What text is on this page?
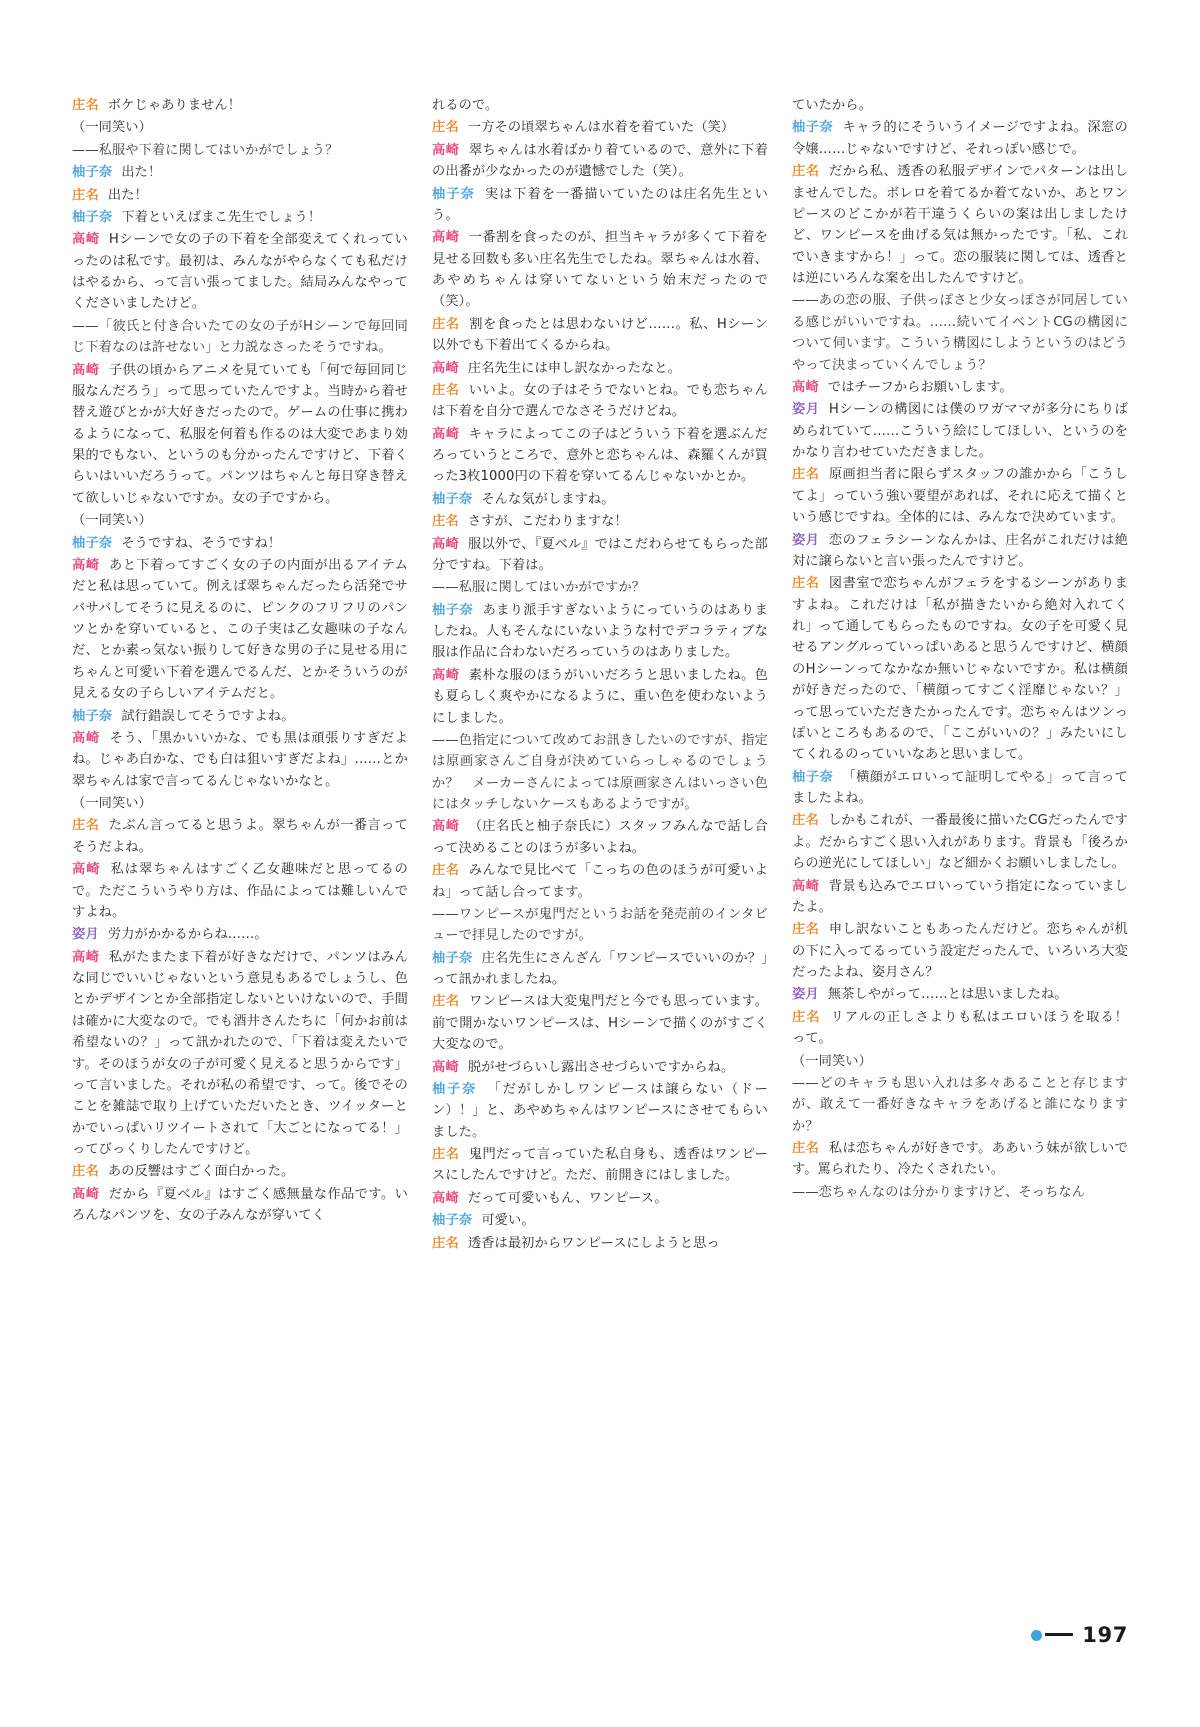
庄名 ボケじゃありません！

（一同笑い）

——私服や下着に関してはいかがでしょう？

柚子奈 出た！

庄名 出た！

柚子奈 下着といえばまこ先生でしょう！

高崎 Hシーンで女の子の下着を全部変えてくれっていったのは私です。最初は、みんながやらなくても私だけはやるから、って言い張ってました。結局みんなやってくださいましたけど。

——「彼氏と付き合いたての女の子がHシーンで毎回同じ下着なのは許せない」と力説なさったそうですね。

高崎 子供の頃からアニメを見ていても「何で毎回同じ服なんだろう」って思っていたんですよ。当時から着せ替え遊びとかが大好きだったので。ゲームの仕事に携わるようになって、私服を何着も作るのは大変であまり効果的でもない、というのも分かったんですけど、下着くらいはいいだろうって。パンツはちゃんと毎日穿き替えて欲しいじゃないですか。女の子ですから。

（一同笑い）

柚子奈 そうですね、そうですね！

高崎 あと下着ってすごく女の子の内面が出るアイテムだと私は思っていて。例えば翠ちゃんだったら活発でサバサバしてそうに見えるのに、ピンクのフリフリのパンツとかを穿いていると、この子実は乙女趣味の子なんだ、とか素っ気ない振りして好きな男の子に見せる用にちゃんと可愛い下着を選んでるんだ、とかそういうのが見える女の子らしいアイテムだと。

柚子奈 試行錯誤してそうですよね。

高崎 そう、「黒かいいかな、でも黒は頑張りすぎだよね。じゃあ白かな、でも白は狙いすぎだよね」……とか翠ちゃんは家で言ってるんじゃないかなと。

（一同笑い）

庄名 たぶん言ってると思うよ。翠ちゃんが一番言ってそうだよね。

高崎 私は翠ちゃんはすごく乙女趣味だと思ってるので。ただこういうやり方は、作品によっては難しいんですよね。

姿月 労力がかかるからね……。

高崎 私がたまたま下着が好きなだけで、パンツはみんな同じでいいじゃないという意見もあるでしょうし、色とかデザインとか全部指定しないといけないので、手間は確かに大変なので。でも酒井さんたちに「何かお前は希望ないの？」って訊かれたので、「下着は変えたいです。そのほうが女の子が可愛く見えると思うからです」って言いました。それが私の希望です、って。後でそのことを雑誌で取り上げていただいたとき、ツイッターとかでいっぱいリツイートされて「大ごとになってる！」ってびっくりしたんですけど。

庄名 あの反響はすごく面白かった。

高崎 だから『夏ベル』はすごく感無量な作品です。いろんなパンツを、女の子みんなが穿いてく

れるので。

庄名 一方その頃翠ちゃんは水着を着ていた（笑）

高崎 翠ちゃんは水着ばかり着ているので、意外に下着の出番が少なかったのが遺憾でした（笑）。

柚子奈 実は下着を一番描いていたのは庄名先生という。

高崎 一番割を食ったのが、担当キャラが多くて下着を見せる回数も多い庄名先生でしたね。翠ちゃんは水着、あやめちゃんは穿いてないという始末だったので（笑）。

庄名 割を食ったとは思わないけど……。私、Hシーン以外でも下着出てくるからね。

高崎 庄名先生には申し訳なかったなと。

庄名 いいよ。女の子はそうでないとね。でも恋ちゃんは下着を自分で選んでなさそうだけどね。

高崎 キャラによってこの子はどういう下着を選ぶんだろっていうところで、意外と恋ちゃんは、森羅くんが買った3枚1000円の下着を穿いてるんじゃないかとか。

柚子奈 そんな気がしますね。

庄名 さすが、こだわりますな！

高崎 服以外で、『夏ベル』ではこだわらせてもらった部分ですね。下着は。

——私服に関してはいかがですか？

柚子奈 あまり派手すぎないようにっていうのはありましたね。人もそんなにいないような村でデコラティブな服は作品に合わないだろっていうのはありました。

高崎 素朴な服のほうがいいだろうと思いましたね。色も夏らしく爽やかになるように、重い色を使わないようにしました。

——色指定について改めてお訊きしたいのですが、指定は原画家さんご自身が決めていらっしゃるのでしょうか？　メーカーさんによっては原画家さんはいっさい色にはタッチしないケースもあるようですが。

高崎 （庄名氏と柚子奈氏に）スタッフみんなで話し合って決めることのほうが多いよね。

庄名 みんなで見比べて「こっちの色のほうが可愛いよね」って話し合ってます。

——ワンピースが鬼門だというお話を発売前のインタビューで拝見したのですが。

柚子奈 庄名先生にさんざん「ワンピースでいいのか？」って訊かれましたね。

庄名 ワンピースは大変鬼門だと今でも思っています。前で開かないワンピースは、Hシーンで描くのがすごく大変なので。

高崎 脱がせづらいし露出させづらいですからね。

柚子奈 「だがしかしワンピースは譲らない（ドーン）！」と、あやめちゃんはワンピースにさせてもらいました。

庄名 鬼門だって言っていた私自身も、透香はワンピースにしたんですけど。ただ、前開きにはしました。

高崎 だって可愛いもん、ワンピース。

柚子奈 可愛い。

庄名 透香は最初からワンピースにしようと思っ

ていたから。

柚子奈 キャラ的にそういうイメージですよね。深窓の令嬢……じゃないですけど、それっぽい感じで。

庄名 だから私、透香の私服デザインでパターンは出しませんでした。ボレロを着てるか着てないか、あとワンピースのどこかが若干違うくらいの案は出しましたけど、ワンピースを曲げる気は無かったです。「私、これでいきますから！」って。恋の服装に関しては、透香とは逆にいろんな案を出したんですけど。

——あの恋の服、子供っぽさと少女っぽさが同居している感じがいいですね。……続いてイベントCGの構図について伺います。こういう構図にしようというのはどうやって決まっていくんでしょう？

高崎 ではチーフからお願いします。

姿月 Hシーンの構図には僕のワガママが多分にちりばめられていて……こういう絵にしてほしい、というのをかなり言わせていただきました。

庄名 原画担当者に限らずスタッフの誰かから「こうしてよ」っていう強い要望があれば、それに応えて描くという感じですね。全体的には、みんなで決めています。

姿月 恋のフェラシーンなんかは、庄名がこれだけは絶対に譲らないと言い張ったんですけど。

庄名 図書室で恋ちゃんがフェラをするシーンがありますよね。これだけは「私が描きたいから絶対入れてくれ」って通してもらったものですね。女の子を可愛く見せるアングルっていっぱいあると思うんですけど、横顔のHシーンってなかなか無いじゃないですか。私は横顔が好きだったので、「横顔ってすごく淫靡じゃない？」って思っていただきたかったんです。恋ちゃんはツンっぽいところもあるので、「ここがいいの？」みたいにしてくれるのっていいなあと思いまして。

柚子奈 「横顔がエロいって証明してやる」って言ってましたよね。

庄名 しかもこれが、一番最後に描いたCGだったんですよ。だからすごく思い入れがあります。背景も「後ろからの逆光にしてほしい」など細かくお願いしましたし。

高崎 背景も込みでエロいっていう指定になっていましたよ。

庄名 申し訳ないこともあったんだけど。恋ちゃんが机の下に入ってるっていう設定だったんで、いろいろ大変だったよね、姿月さん？

姿月 無茶しやがって……とは思いましたね。

庄名 リアルの正しさよりも私はエロいほうを取る！　って。

（一同笑い）

——どのキャラも思い入れは多々あることと存じますが、敢えて一番好きなキャラをあげると誰になりますか？

庄名 私は恋ちゃんが好きです。ああいう妹が欲しいです。罵られたり、冷たくされたい。

——恋ちゃんなのは分かりますけど、そっちなん

197
